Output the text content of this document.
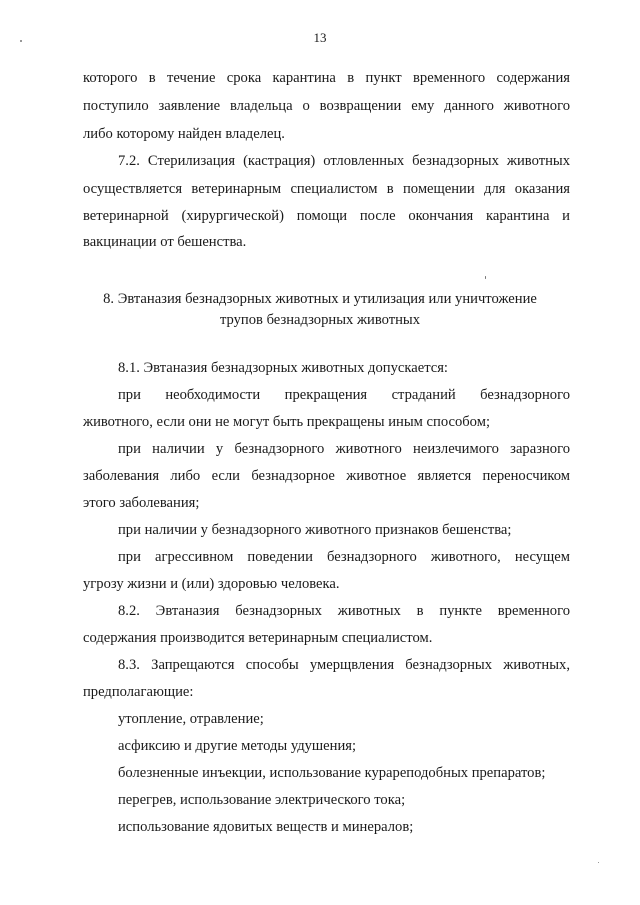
13
которого в течение срока карантина в пункт временного содержания
поступило заявление владельца о возвращении ему данного животного
либо которому найден владелец.
7.2. Стерилизация (кастрация) отловленных безнадзорных животных
осуществляется ветеринарным специалистом в помещении для оказания
ветеринарной (хирургической) помощи после окончания карантина и
вакцинации от бешенства.
8. Эвтаназия безнадзорных животных и утилизация или уничтожение
трупов безнадзорных животных
8.1. Эвтаназия безнадзорных животных допускается:
при необходимости прекращения страданий безнадзорного
животного, если они не могут быть прекращены иным способом;
при наличии у безнадзорного животного неизлечимого заразного
заболевания либо если безнадзорное животное является переносчиком
этого заболевания;
при наличии у безнадзорного животного признаков бешенства;
при агрессивном поведении безнадзорного животного, несущем
угрозу жизни и (или) здоровью человека.
8.2. Эвтаназия безнадзорных животных в пункте временного
содержания производится ветеринарным специалистом.
8.3. Запрещаются способы умерщвления безнадзорных животных,
предполагающие:
утопление, отравление;
асфиксию и другие методы удушения;
болезненные инъекции, использование курареподобных препаратов;
перегрев, использование электрического тока;
использование ядовитых веществ и минералов;
